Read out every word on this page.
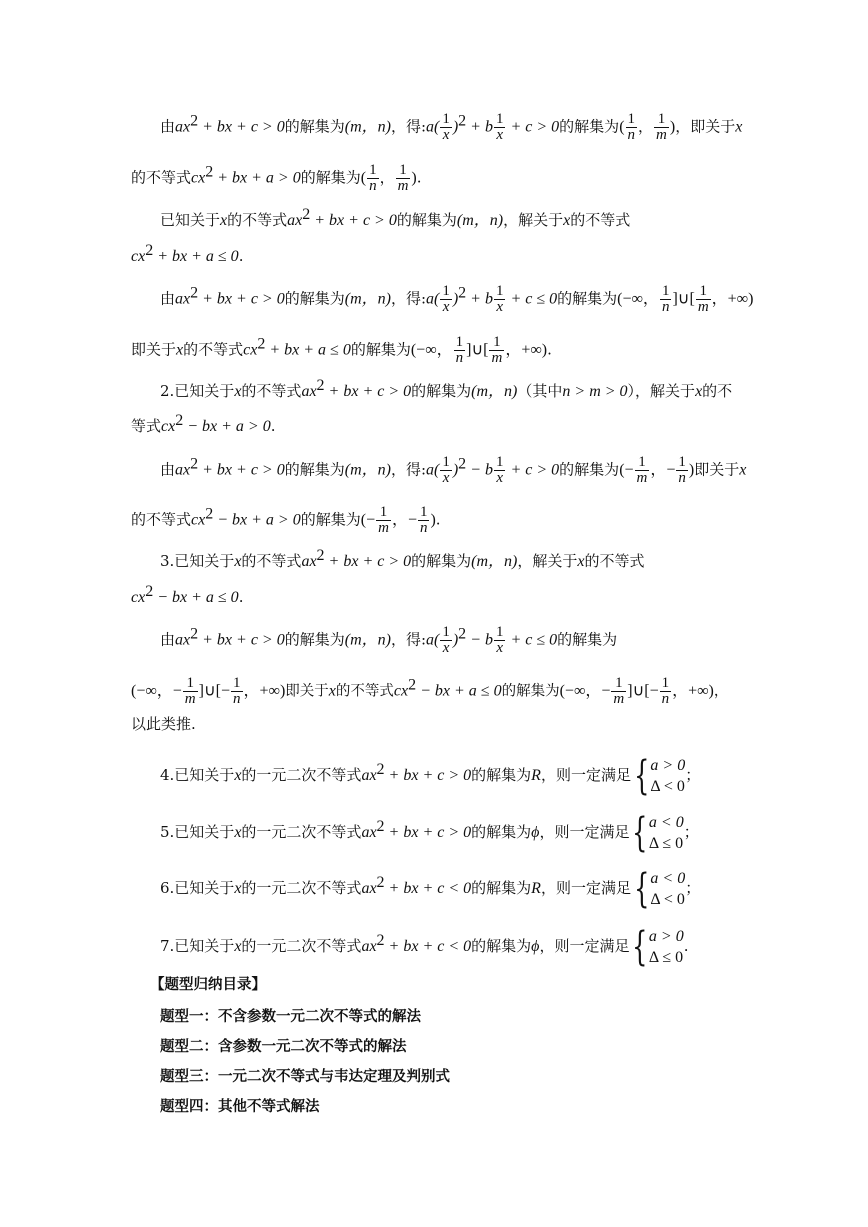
由$ax^2$ + bx + c > 0的解集为(m，n)，得:a( $\frac{1}{x} )^2 + b \frac{1}{x} + c > 0$的解集为( $\frac{1}{n}$ ， $\frac{1}{m}$ )，即关于x
的不等式$cx^2$ + bx + a > 0的解集为( $\frac{1}{n}$ ， $\frac{1}{m}$ ).
已知关于x的不等式$ax^2$ + bx + c > 0的解集为(m，n)，解关于x的不等式
$cx^2$ + bx + a ≤ 0.
由$ax^2$ + bx + c > 0的解集为(m，n)，得:a( $\frac{1}{x} )^2 + b \frac{1}{x} + c \le 0$的解集为(−∞， $\frac{1}{n}$ ]∪[ $\frac{1}{m}$ ，+∞)
即关于x的不等式$cx^2$ + bx + a ≤ 0的解集为(−∞， $\frac{1}{n}$ ]∪[ $\frac{1}{m}$ ，+∞).
2.已知关于x的不等式$ax^2$ + bx + c > 0的解集为(m，n)（其中n > m > 0），解关于x的不
等式$cx^2$ − bx + a > 0.
由$ax^2$ + bx + c > 0的解集为(m，n)，得:a( $\frac{1}{x} )^2 - b \frac{1}{x} + c > 0$的解集为(− $\frac{1}{m}$ ，− $\frac{1}{n}$ )即关于x
的不等式$cx^2$ − bx + a > 0的解集为(− $\frac{1}{m}$ ，− $\frac{1}{n}$ ).
3.已知关于x的不等式$ax^2$ + bx + c > 0的解集为(m，n)，解关于x的不等式
$cx^2$ − bx + a ≤ 0.
由$ax^2$ + bx + c > 0的解集为(m，n)，得:a( $\frac{1}{x} )^2 - b \frac{1}{x} + c \le 0$的解集为
(−∞，− $\frac{1}{m}$ ]∪[− $\frac{1}{n}$ ，+∞)即关于x的不等式$cx^2$ − bx + a ≤ 0的解集为(−∞，− $\frac{1}{m}$ ]∪[− $\frac{1}{n}$ ，+∞)，
以此类推.
4.已知关于x的一元二次不等式$ax^2$ + bx + c > 0的解集为R，则一定满足{ a > 0
Δ < 0
；
5.已知关于x的一元二次不等式$ax^2$ + bx + c > 0的解集为ϕ，则一定满足{ a < 0
Δ ≤ 0
；
6.已知关于x的一元二次不等式$ax^2$ + bx + c < 0的解集为R，则一定满足{ a < 0
Δ < 0
；
7.已知关于x的一元二次不等式$ax^2$ + bx + c < 0的解集为ϕ，则一定满足{ a > 0
Δ ≤ 0
.
【题型归纳目录】
题型一：不含参数一元二次不等式的解法
题型二：含参数一元二次不等式的解法
题型三：一元二次不等式与韦达定理及判别式
题型四：其他不等式解法
